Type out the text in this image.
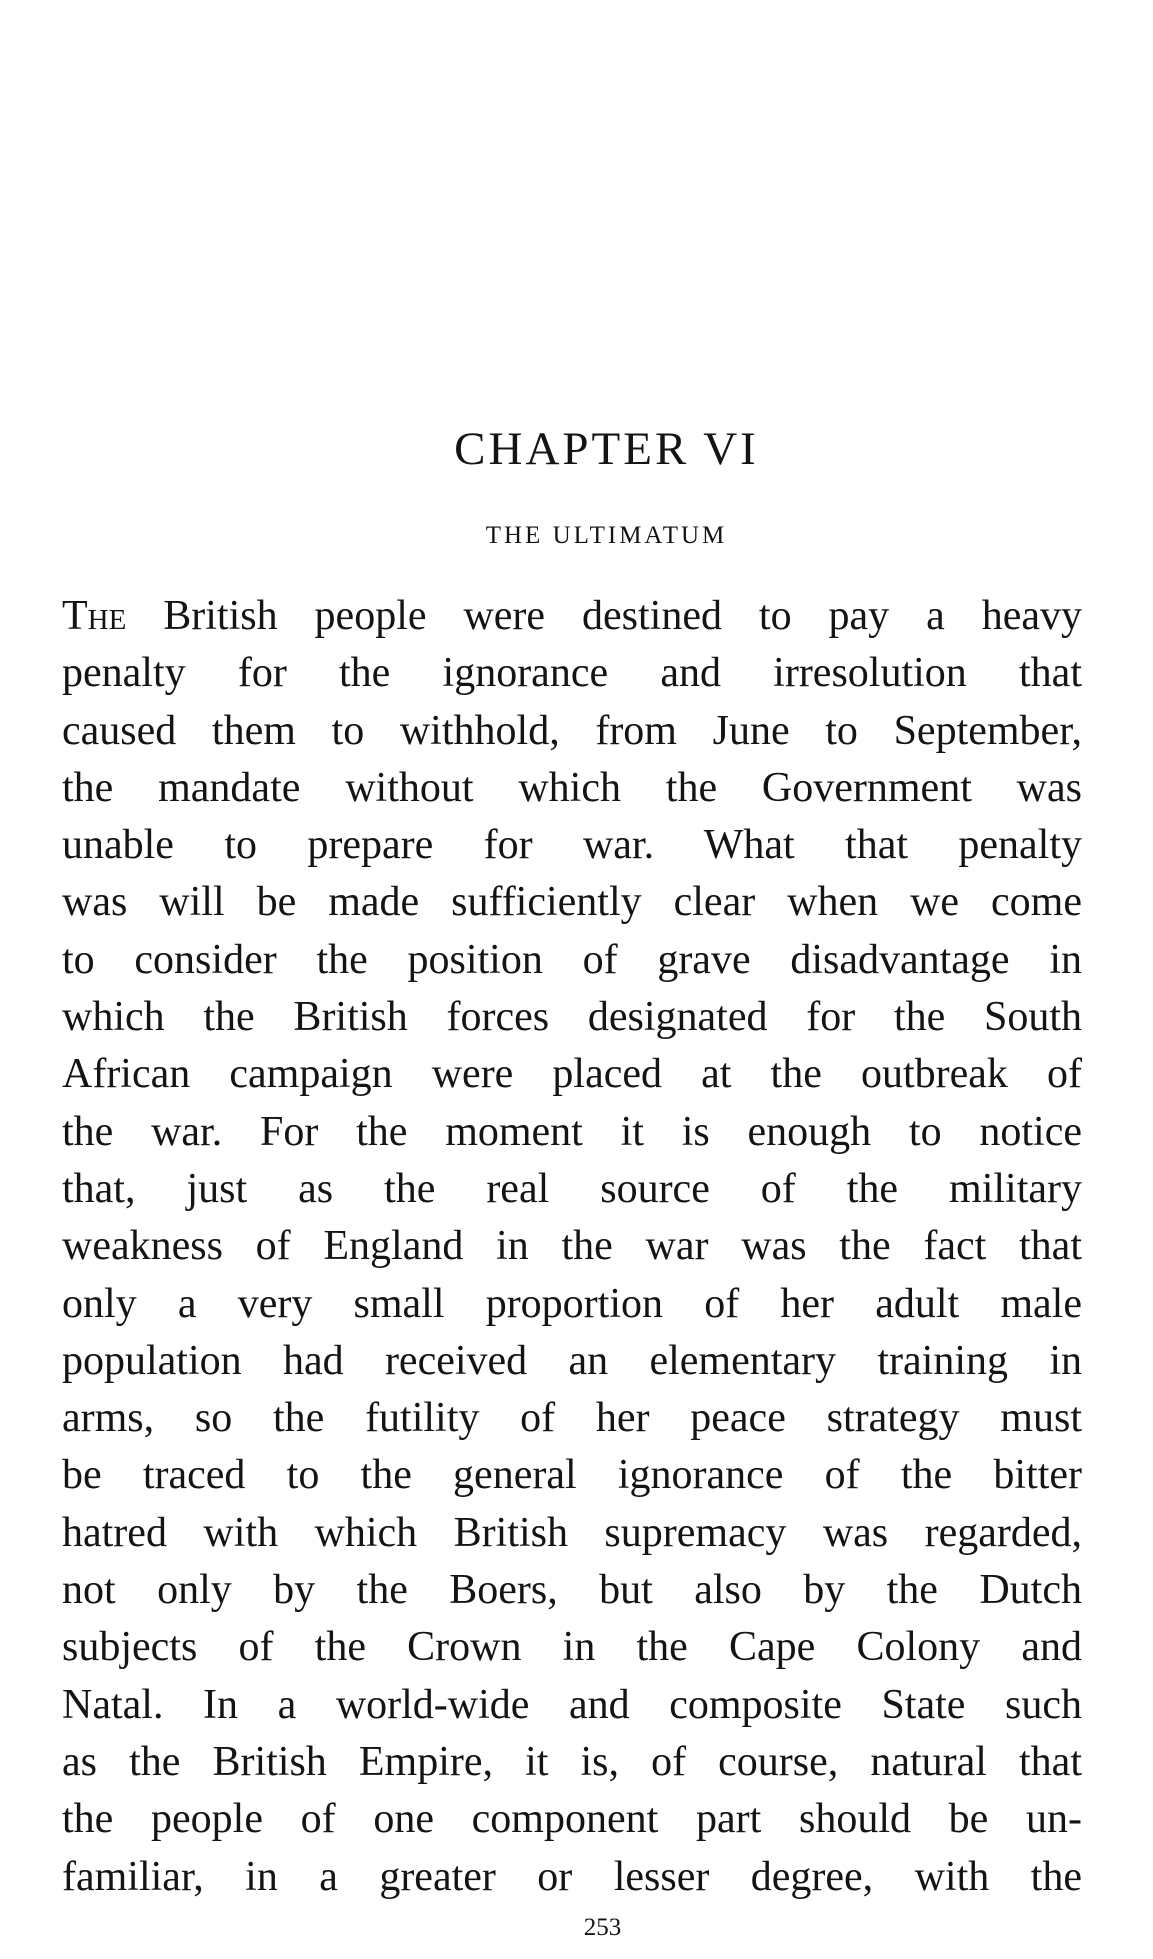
CHAPTER VI
THE ULTIMATUM
The British people were destined to pay a heavy
penalty for the ignorance and irresolution that
caused them to withhold, from June to September,
the mandate without which the Government was
unable to prepare for war. What that penalty
was will be made sufficiently clear when we come
to consider the position of grave disadvantage in
which the British forces designated for the South
African campaign were placed at the outbreak of
the war. For the moment it is enough to notice
that, just as the real source of the military
weakness of England in the war was the fact that
only a very small proportion of her adult male
population had received an elementary training in
arms, so the futility of her peace strategy must
be traced to the general ignorance of the bitter
hatred with which British supremacy was regarded,
not only by the Boers, but also by the Dutch
subjects of the Crown in the Cape Colony and
Natal. In a world-wide and composite State such
as the British Empire, it is, of course, natural that
the people of one component part should be un-
familiar, in a greater or lesser degree, with the
253
